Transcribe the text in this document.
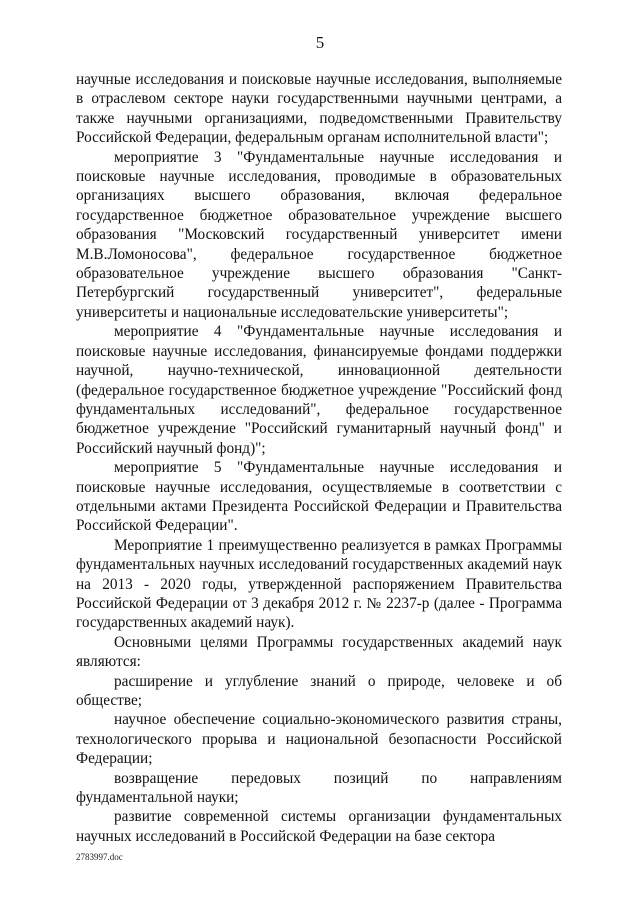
5

научные исследования и поисковые научные исследования, выполняемые в отраслевом секторе науки государственными научными центрами, а также научными организациями, подведомственными Правительству Российской Федерации, федеральным органам исполнительной власти";

мероприятие 3 "Фундаментальные научные исследования и поисковые научные исследования, проводимые в образовательных организациях высшего образования, включая федеральное государственное бюджетное образовательное учреждение высшего образования "Московский государственный университет имени М.В.Ломоносова", федеральное государственное бюджетное образовательное учреждение высшего образования "Санкт-Петербургский государственный университет", федеральные университеты и национальные исследовательские университеты";

мероприятие 4 "Фундаментальные научные исследования и поисковые научные исследования, финансируемые фондами поддержки научной, научно-технической, инновационной деятельности (федеральное государственное бюджетное учреждение "Российский фонд фундаментальных исследований", федеральное государственное бюджетное учреждение "Российский гуманитарный научный фонд" и Российский научный фонд)";

мероприятие 5 "Фундаментальные научные исследования и поисковые научные исследования, осуществляемые в соответствии с отдельными актами Президента Российской Федерации и Правительства Российской Федерации".

Мероприятие 1 преимущественно реализуется в рамках Программы фундаментальных научных исследований государственных академий наук на 2013 - 2020 годы, утвержденной распоряжением Правительства Российской Федерации от 3 декабря 2012 г. № 2237-р (далее - Программа государственных академий наук).

Основными целями Программы государственных академий наук являются:

расширение и углубление знаний о природе, человеке и об обществе;

научное обеспечение социально-экономического развития страны, технологического прорыва и национальной безопасности Российской Федерации;

возвращение передовых позиций по направлениям фундаментальной науки;

развитие современной системы организации фундаментальных научных исследований в Российской Федерации на базе сектора

2783997.doc
